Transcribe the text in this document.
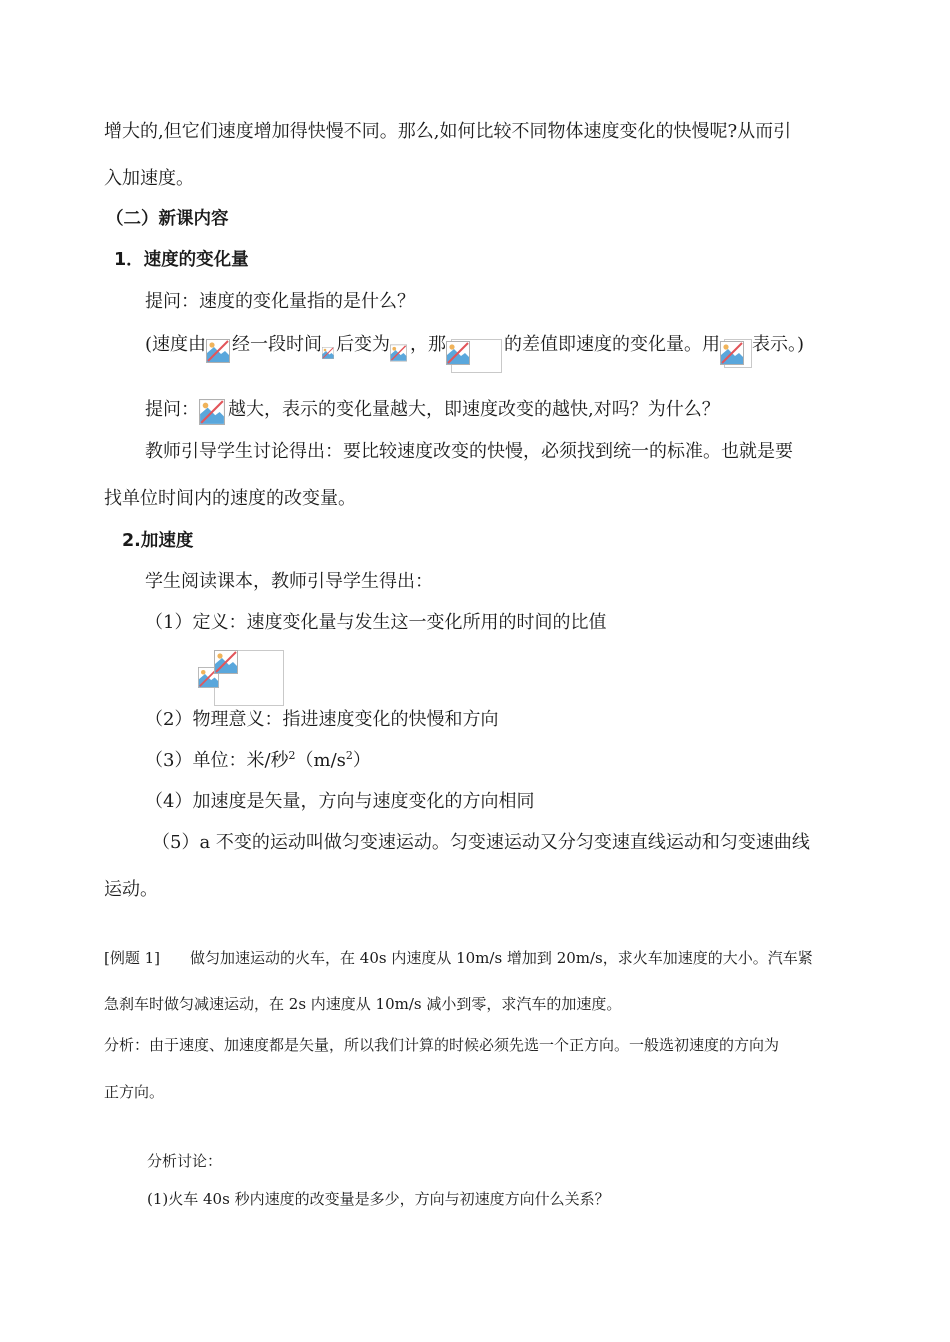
增大的,但它们速度增加得快慢不同。那么,如何比较不同物体速度变化的快慢呢?从而引
入加速度。
（二）新课内容
1．速度的变化量
提问：速度的变化量指的是什么？
(速度由 经一段时间 后变为 ，那	的差值即速度的变化量。用 表示。)
提问： 越大，表示的变化量越大，即速度改变的越快,对吗？为什么？
教师引导学生讨论得出：要比较速度改变的快慢，必须找到统一的标准。也就是要
找单位时间内的速度的改变量。
2.加速度
学生阅读课本，教师引导学生得出：
（1）定义：速度变化量与发生这一变化所用的时间的比值
（2）物理意义：指进速度变化的快慢和方向
（3）单位：米/秒$^2(m/s^2)$
（4）加速度是矢量，方向与速度变化的方向相同
（5）a 不变的运动叫做匀变速运动。匀变速运动又分匀变速直线运动和匀变速曲线
运动。
[例题 1] 做匀加速运动的火车，在 40s 内速度从 10m/s 增加到 20m/s，求火车加速度的大小。汽车紧
急刹车时做匀减速运动，在 2s 内速度从 10m/s 减小到零，求汽车的加速度。
分析：由于速度、加速度都是矢量，所以我们计算的时候必须先选一个正方向。一般选初速度的方向为
正方向。
分析讨论：
(1)火车 40s 秒内速度的改变量是多少，方向与初速度方向什么关系？
